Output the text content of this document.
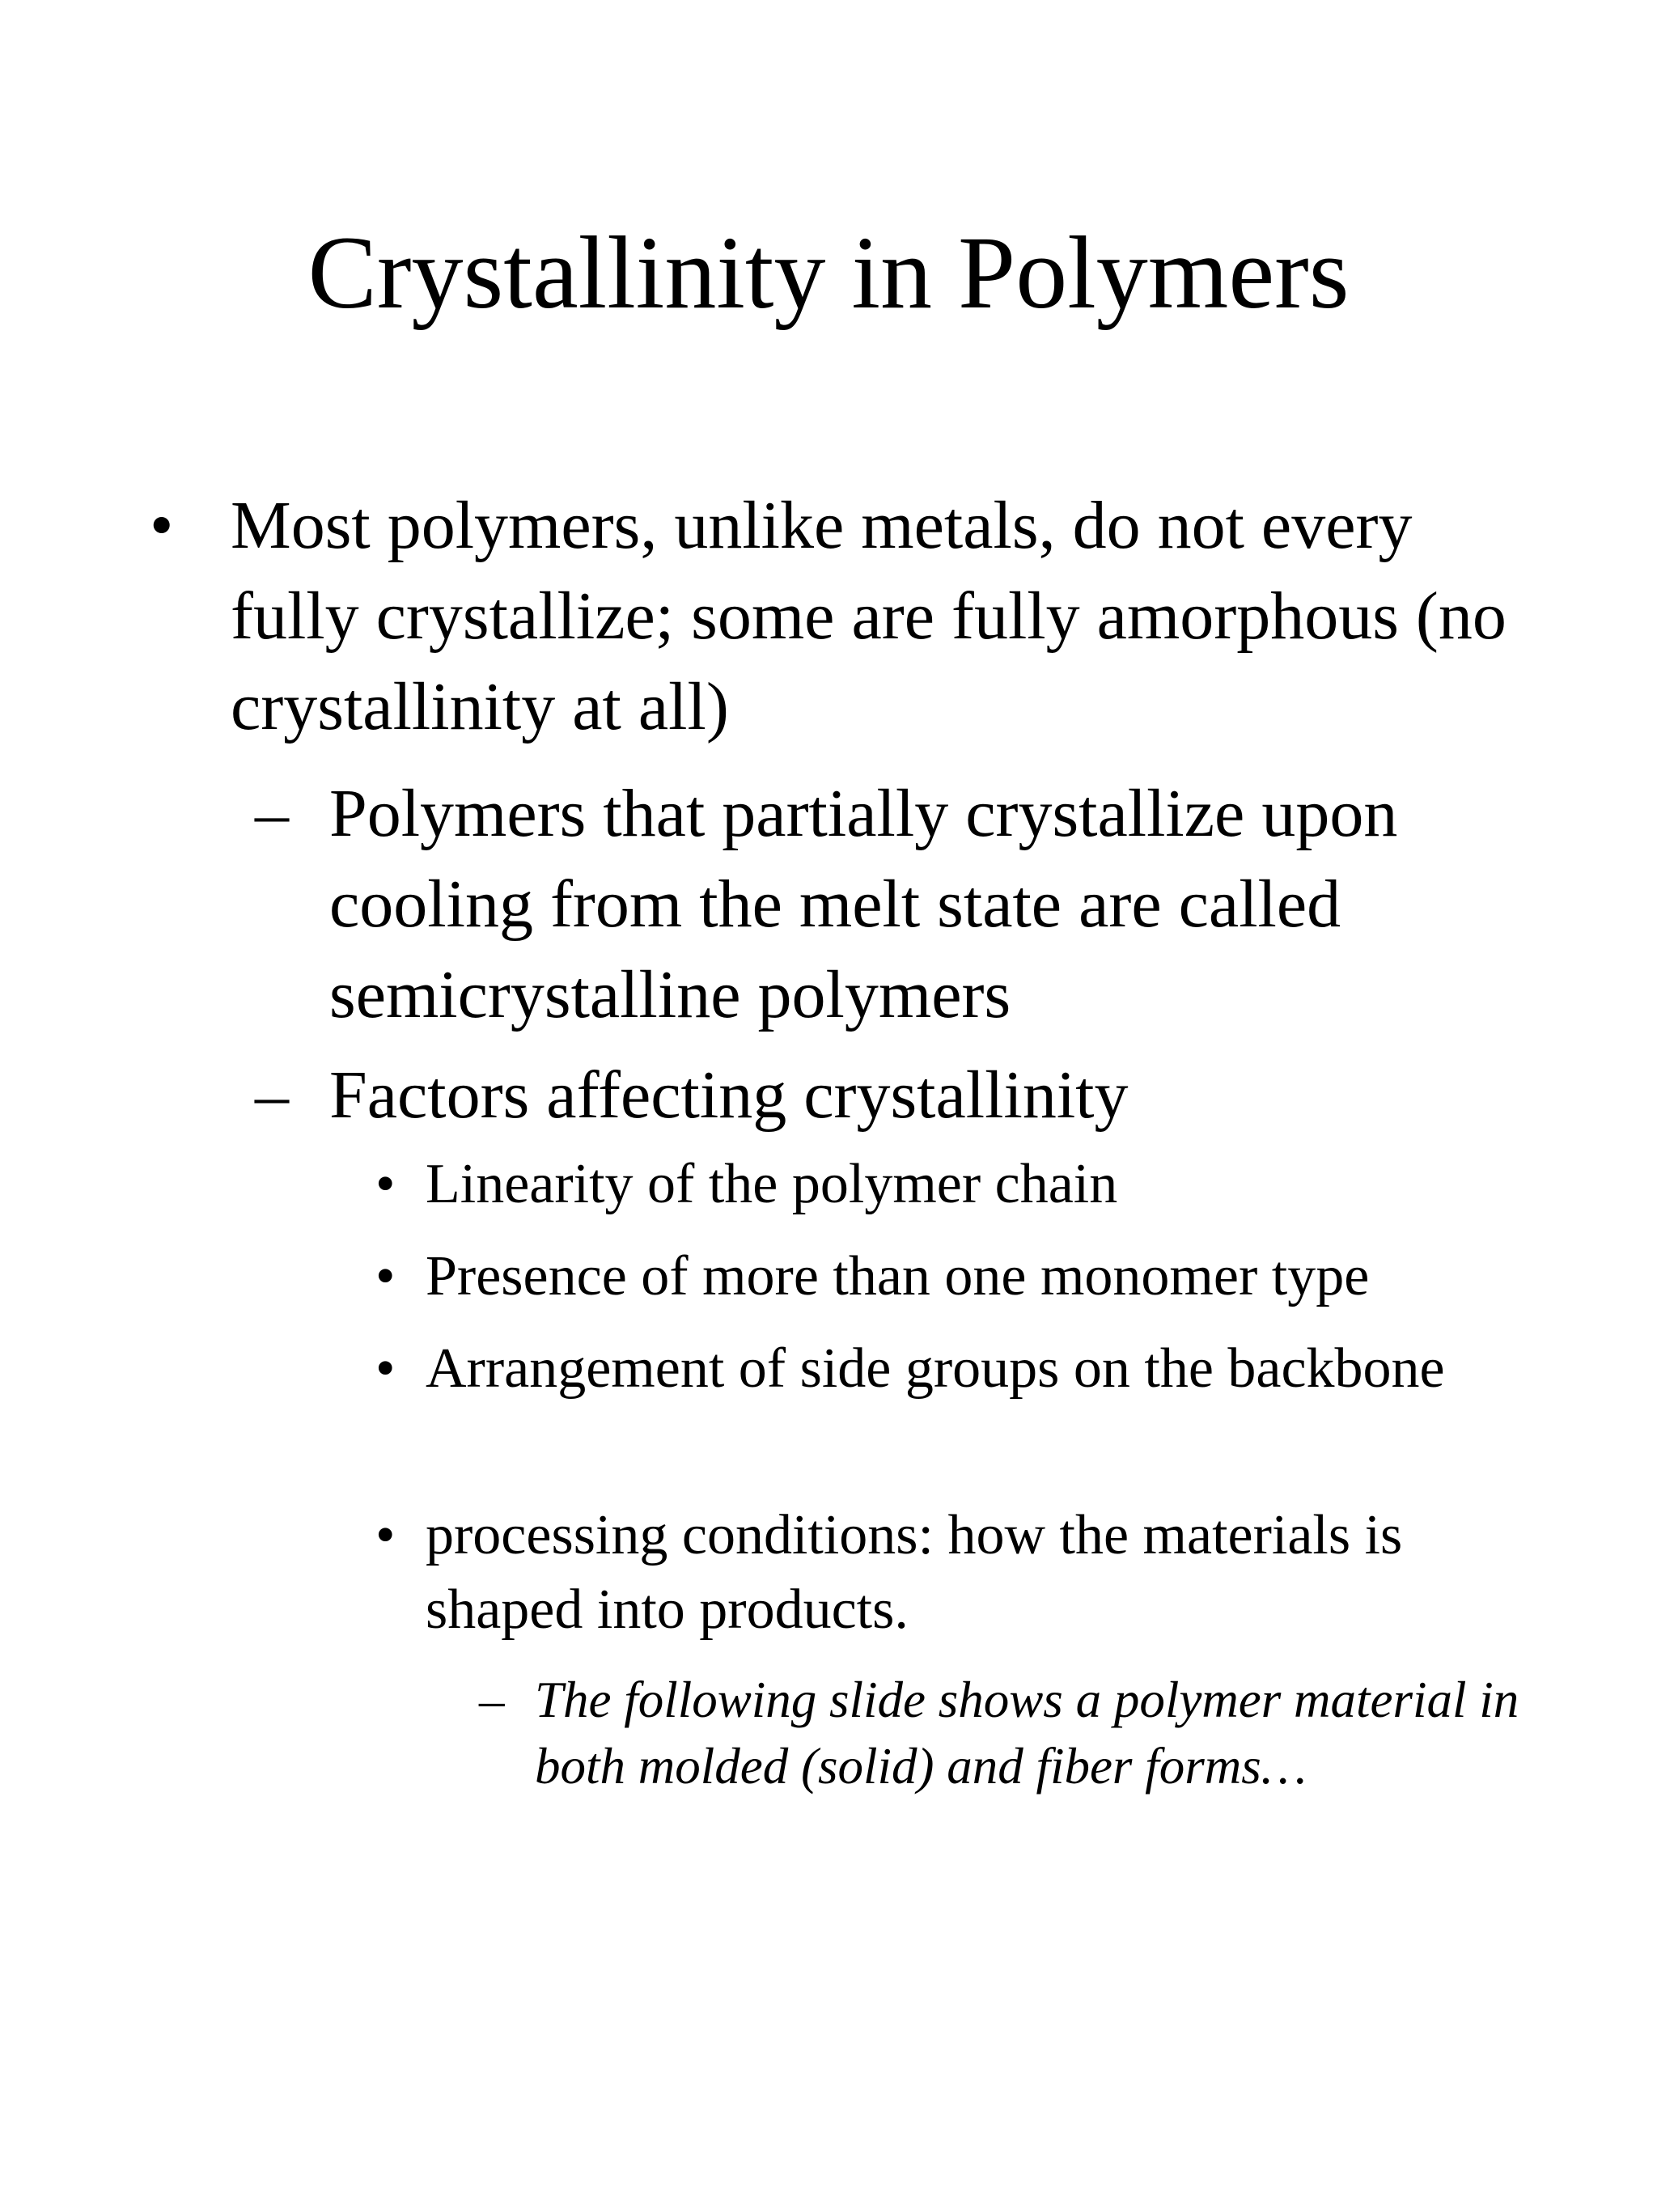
Crystallinity in Polymers
• Most polymers, unlike metals, do not every fully crystallize; some are fully amorphous (no crystallinity at all)
– Polymers that partially crystallize upon cooling from the melt state are called semicrystalline polymers
– Factors affecting crystallinity
• Linearity of the polymer chain
• Presence of more than one monomer type
• Arrangement of side groups on the backbone
• processing conditions: how the materials is shaped into products.
– The following slide shows a polymer material in both molded (solid) and fiber forms…
